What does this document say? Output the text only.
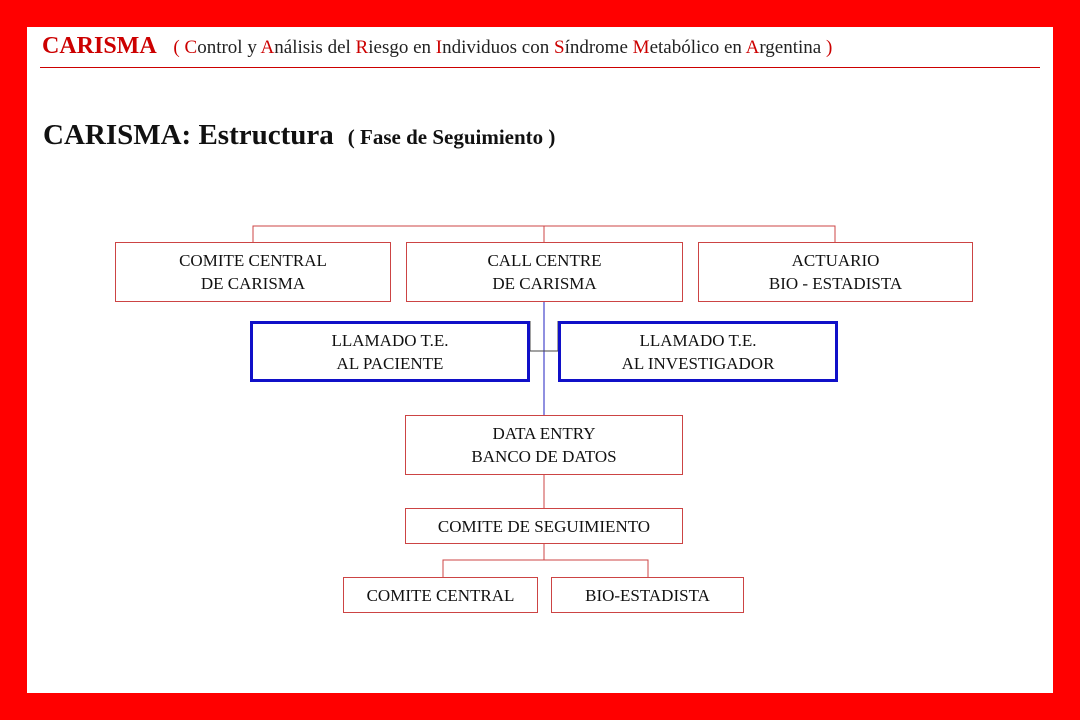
CARISMA ( Control y Análisis del Riesgo en Individuos con Síndrome Metabólico en Argentina )
CARISMA: Estructura ( Fase de Seguimiento )
COMITE CENTRAL
DE CARISMA
CALL CENTRE
DE CARISMA
ACTUARIO
BIO - ESTADISTA
LLAMADO T.E.
AL PACIENTE
LLAMADO T.E.
AL INVESTIGADOR
DATA ENTRY
BANCO DE DATOS
COMITE DE SEGUIMIENTO
COMITE CENTRAL	BIO-ESTADISTA
